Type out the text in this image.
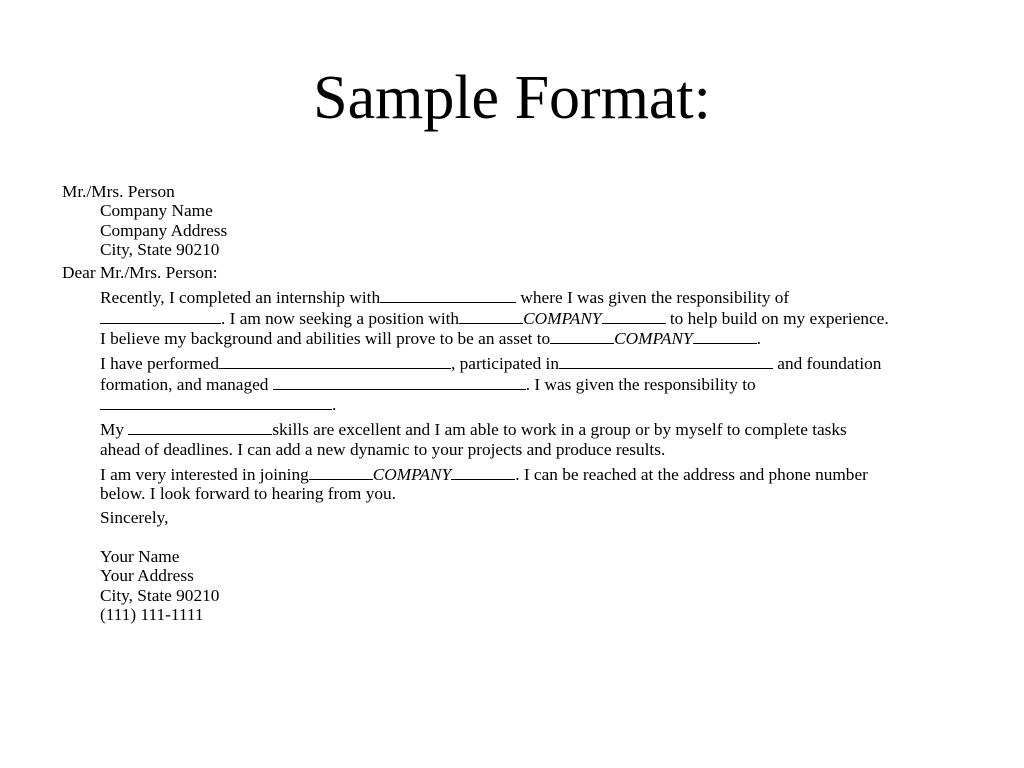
Sample Format:
Mr./Mrs. Person
Company Name
Company Address
City, State 90210
Dear Mr./Mrs. Person:
Recently, I completed an internship with	where I was given the responsibility of
. I am now seeking a position with	COMPANY	to help build on my experience.
I believe my background and abilities will prove to be an asset to	COMPANY	.
I have performed	, participated in	and foundation
formation, and managed	. I was given the responsibility to
.
My	skills are excellent and I am able to work in a group or by myself to complete tasks
ahead of deadlines. I can add a new dynamic to your projects and produce results.
I am very interested in joining	COMPANY	. I can be reached at the address and phone number
below. I look forward to hearing from you.
Sincerely,
Your Name
Your Address
City, State 90210
(111) 111-1111
